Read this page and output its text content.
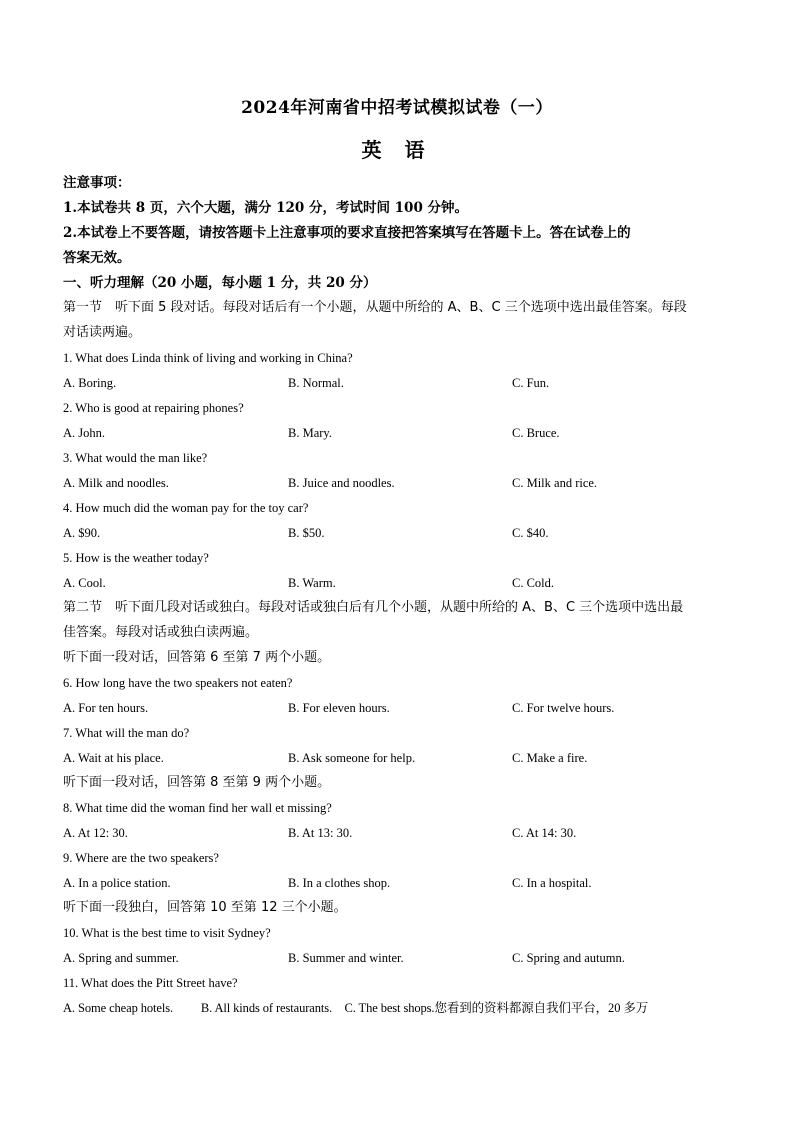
2024年河南省中招考试模拟试卷（一）
英 语
注意事项：
1.本试卷共 8 页，六个大题，满分 120 分，考试时间 100 分钟。
2.本试卷上不要答题，请按答题卡上注意事项的要求直接把答案填写在答题卡上。答在试卷上的
答案无效。
一、听力理解（20 小题，每小题 1 分，共 20 分）
第一节　听下面 5 段对话。每段对话后有一个小题，从题中所给的 A、B、C 三个选项中选出最佳答案。每段
对话读两遍。
1. What does Linda think of living and working in China?
A. Boring.	B. Normal.	C. Fun.
2. Who is good at repairing phones?
A. John.	B. Mary.	C. Bruce.
3. What would the man like?
A. Milk and noodles.	B. Juice and noodles.	C. Milk and rice.
4. How much did the woman pay for the toy car?
A. $90.	B. $50.	C. $40.
5. How is the weather today?
A. Cool.	B. Warm.	C. Cold.
第二节　听下面几段对话或独白。每段对话或独白后有几个小题，从题中所给的 A、B、C 三个选项中选出最
佳答案。每段对话或独白读两遍。
听下面一段对话，回答第 6 至第 7 两个小题。
6. How long have the two speakers not eaten?
A. For ten hours.	B. For eleven hours.	C. For twelve hours.
7. What will the man do?
A. Wait at his place.	B. Ask someone for help.	C. Make a fire.
听下面一段对话，回答第 8 至第 9 两个小题。
8. What time did the woman find her wall et missing?
A. At 12: 30.	B. At 13: 30.	C. At 14: 30.
9. Where are the two speakers?
A. In a police station.	B. In a clothes shop.	C. In a hospital.
听下面一段独白，回答第 10 至第 12 三个小题。
10. What is the best time to visit Sydney?
A. Spring and summer.	B. Summer and winter.	C. Spring and autumn.
11. What does the Pitt Street have?
A. Some cheap hotels.　　 B. All kinds of restaurants.　C. The best shops.您看到的资料都源自我们平台，20 多万
